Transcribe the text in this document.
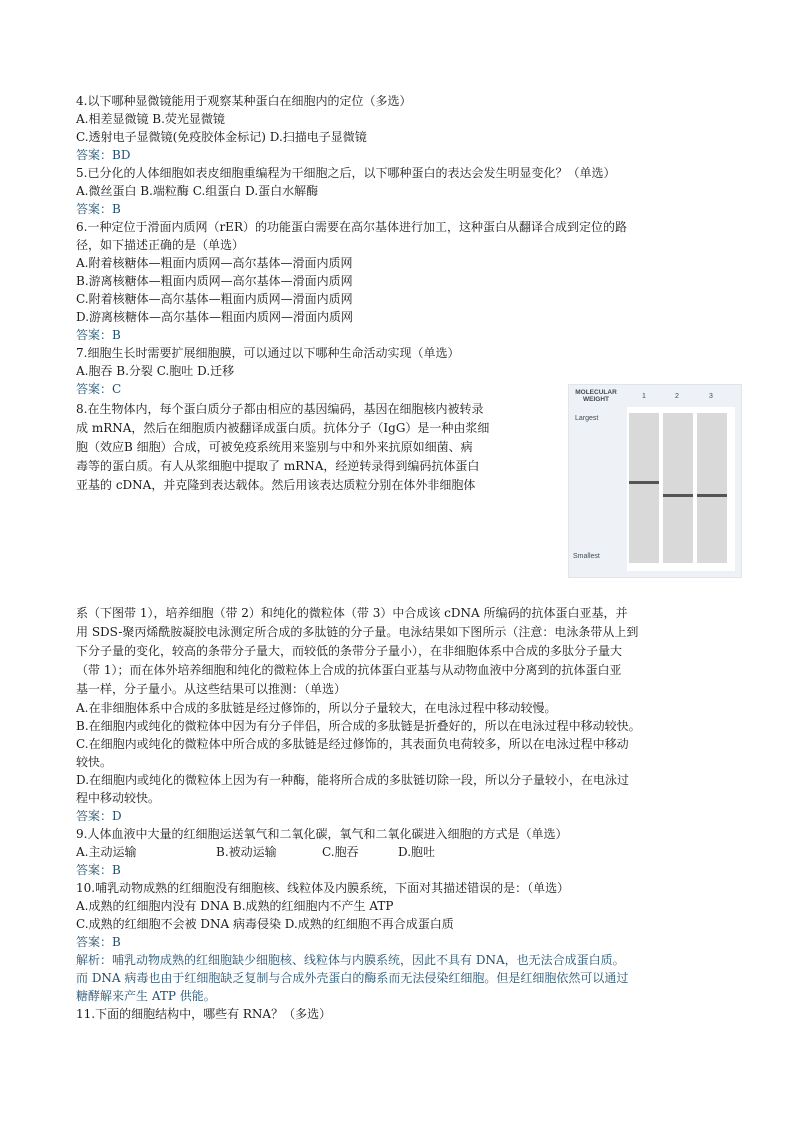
4.以下哪种显微镜能用于观察某种蛋白在细胞内的定位（多选）
A.相差显微镜 B.荧光显微镜
C.透射电子显微镜(免疫胶体金标记) D.扫描电子显微镜
答案：BD
5.已分化的人体细胞如表皮细胞重编程为干细胞之后，以下哪种蛋白的表达会发生明显变化？（单选）
A.微丝蛋白 B.端粒酶 C.组蛋白 D.蛋白水解酶
答案：B
6.一种定位于滑面内质网（rER）的功能蛋白需要在高尔基体进行加工，这种蛋白从翻译合成到定位的路
径，如下描述正确的是（单选）
A.附着核糖体—粗面内质网—高尔基体—滑面内质网
B.游离核糖体—粗面内质网—高尔基体—滑面内质网
C.附着核糖体—高尔基体—粗面内质网—滑面内质网
D.游离核糖体—高尔基体—粗面内质网—滑面内质网
答案：B
7.细胞生长时需要扩展细胞膜，可以通过以下哪种生命活动实现（单选）
A.胞吞 B.分裂 C.胞吐 D.迁移
答案：C
8.在生物体内，每个蛋白质分子都由相应的基因编码，基因在细胞核内被转录
成 mRNA，然后在细胞质内被翻译成蛋白质。抗体分子（IgG）是一种由浆细
胞（效应B 细胞）合成，可被免疫系统用来鉴别与中和外来抗原如细菌、病
毒等的蛋白质。有人从浆细胞中提取了 mRNA，经逆转录得到编码抗体蛋白
亚基的 cDNA，并克隆到表达载体。然后用该表达质粒分别在体外非细胞体
MOLECULAR WEIGHT
Largest
Smallest
1	2	3
系（下图带 1），培养细胞（带 2）和纯化的微粒体（带 3）中合成该 cDNA 所编码的抗体蛋白亚基，并
用 SDS-聚丙烯酰胺凝胶电泳测定所合成的多肽链的分子量。电泳结果如下图所示（注意：电泳条带从上到
下分子量的变化，较高的条带分子量大，而较低的条带分子量小），在非细胞体系中合成的多肽分子量大
（带 1）；而在体外培养细胞和纯化的微粒体上合成的抗体蛋白亚基与从动物血液中分离到的抗体蛋白亚
基一样，分子量小。从这些结果可以推测：（单选）
A.在非细胞体系中合成的多肽链是经过修饰的，所以分子量较大，在电泳过程中移动较慢。
B.在细胞内或纯化的微粒体中因为有分子伴侣，所合成的多肽链是折叠好的，所以在电泳过程中移动较快。
C.在细胞内或纯化的微粒体中所合成的多肽链是经过修饰的，其表面负电荷较多，所以在电泳过程中移动
较快。
D.在细胞内或纯化的微粒体上因为有一种酶，能将所合成的多肽链切除一段，所以分子量较小，在电泳过
程中移动较快。
答案：D
9.人体血液中大量的红细胞运送氧气和二氧化碳，氧气和二氧化碳进入细胞的方式是（单选）
A.主动运输	B.被动运输	C.胞吞	D.胞吐
答案：B
10.哺乳动物成熟的红细胞没有细胞核、线粒体及内膜系统，下面对其描述错误的是：（单选）
A.成熟的红细胞内没有 DNA B.成熟的红细胞内不产生 ATP
C.成熟的红细胞不会被 DNA 病毒侵染 D.成熟的红细胞不再合成蛋白质
答案：B
解析：哺乳动物成熟的红细胞缺少细胞核、线粒体与内膜系统，因此不具有 DNA，也无法合成蛋白质。
而 DNA 病毒也由于红细胞缺乏复制与合成外壳蛋白的酶系而无法侵染红细胞。但是红细胞依然可以通过
糖酵解来产生 ATP 供能。
11.下面的细胞结构中，哪些有 RNA？（多选）
